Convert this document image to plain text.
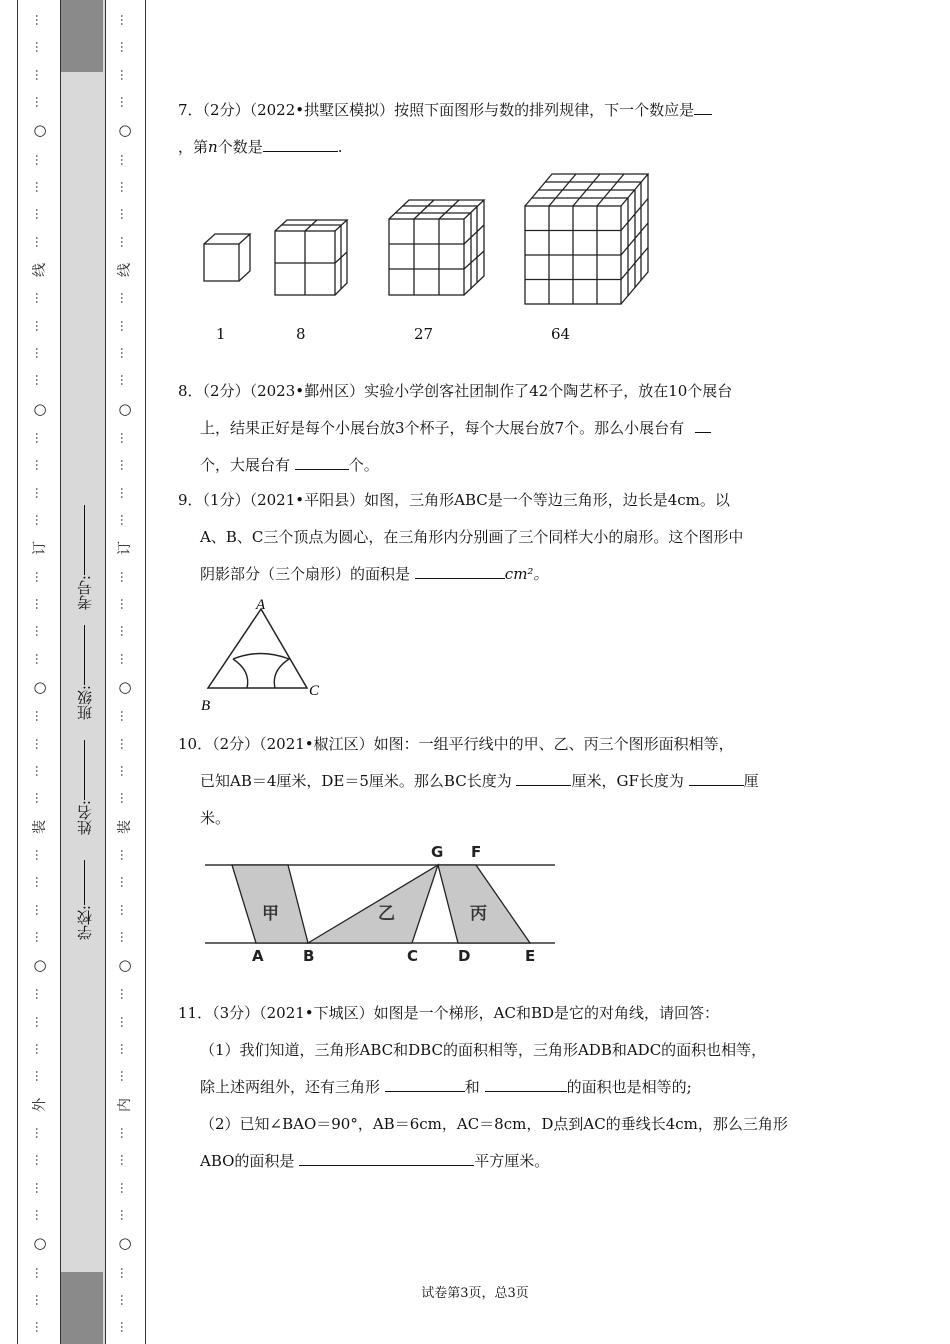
…
…
…
…
○
…
…
…
…
线
…
…
…
…
○
…
…
…
…
订
…
…
…
…
○
…
…
…
…
装
…
…
…
…
○
…
…
…
…
外
…
…
…
…
○
…
…
…
…
…
…
…
○
…
…
…
…
线
…
…
…
…
○
…
…
…
…
订
…
…
…
…
○
…
…
…
…
装
…
…
…
…
○
…
…
…
…
内
…
…
…
…
○
…
…
…
考号:
班级:
姓名:
学校:
7．（2分）（2022•拱墅区模拟）按照下面图形与数的排列规律，下一个数应是
，第n个数是	.
1	8	27	64
8．（2分）（2023•鄞州区）实验小学创客社团制作了42个陶艺杯子，放在10个展台
上，结果正好是每个小展台放3个杯子，每个大展台放7个。那么小展台有
个，大展台有	个。
9．（1分）（2021•平阳县）如图，三角形ABC是一个等边三角形，边长是4cm。以
A、B、C三个顶点为圆心，在三角形内分别画了三个同样大小的扇形。这个图形中
阴影部分（三个扇形）的面积是	cm²。
A
B
C
10．（2分）（2021•椒江区）如图：一组平行线中的甲、乙、丙三个图形面积相等，
已知AB＝4厘米，DE＝5厘米。那么BC长度为	厘米，GF长度为	厘
米。
G F
A	B	C	D	E
甲	乙	丙
11．（3分）（2021•下城区）如图是一个梯形，AC和BD是它的对角线，请回答：
（1）我们知道，三角形ABC和DBC的面积相等，三角形ADB和ADC的面积也相等，
除上述两组外，还有三角形	和	的面积也是相等的;
（2）已知∠BAO＝90°，AB＝6cm，AC＝8cm，D点到AC的垂线长4cm，那么三角形
ABO的面积是	平方厘米。
试卷第3页，总3页
